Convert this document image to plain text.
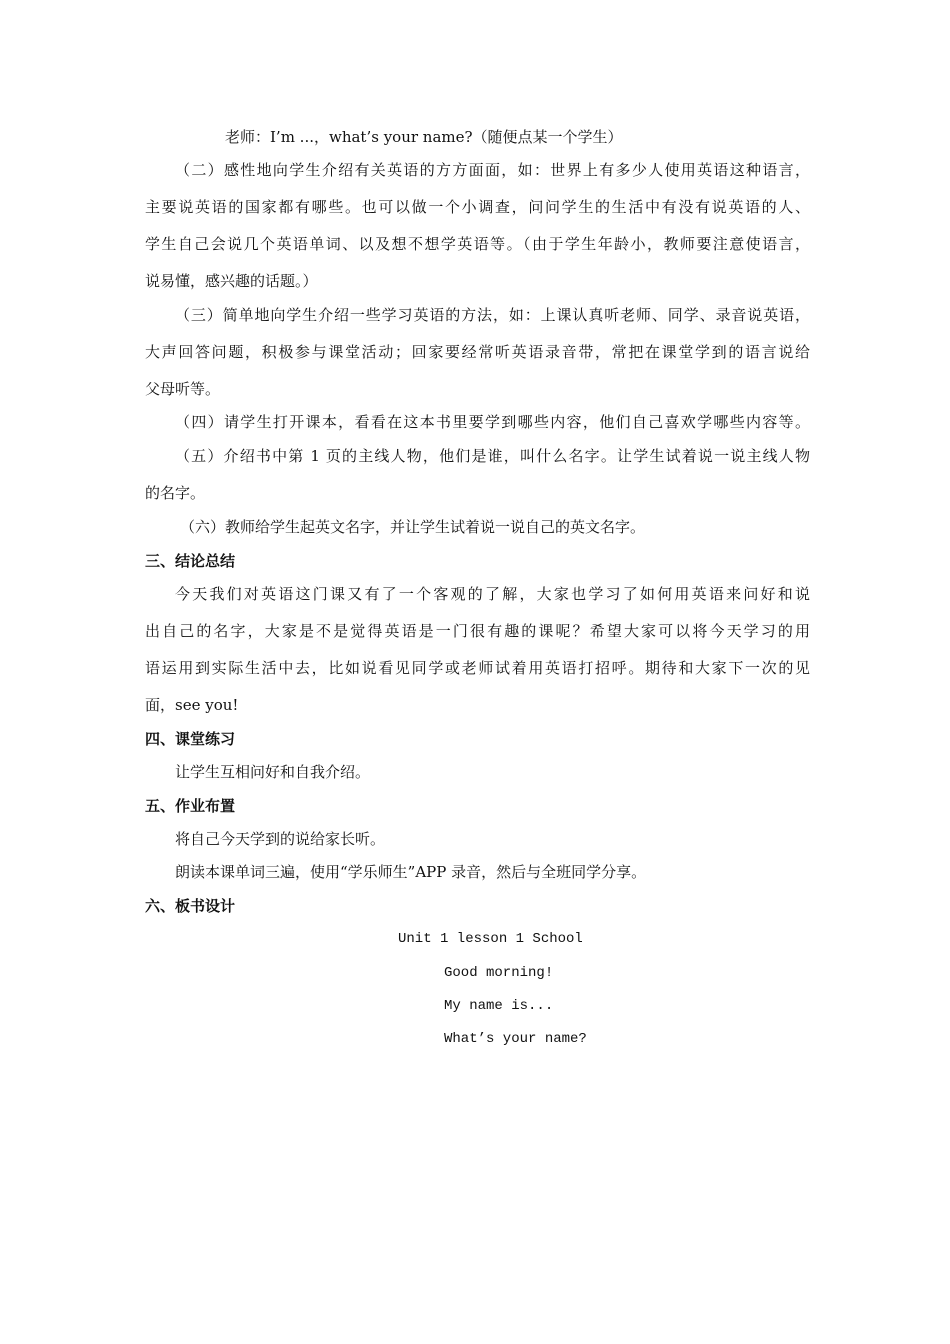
老师：I’m ...，what’s your name?（随便点某一个学生）
（二）感性地向学生介绍有关英语的方方面面，如：世界上有多少人使用英语这种语言，
主要说英语的国家都有哪些。也可以做一个小调查，问问学生的生活中有没有说英语的人、
学生自己会说几个英语单词、以及想不想学英语等。（由于学生年龄小，教师要注意使语言，
说易懂，感兴趣的话题。）
（三）简单地向学生介绍一些学习英语的方法，如：上课认真听老师、同学、录音说英语，
大声回答问题，积极参与课堂活动；回家要经常听英语录音带，常把在课堂学到的语言说给
父母听等。
（四）请学生打开课本，看看在这本书里要学到哪些内容，他们自己喜欢学哪些内容等。
（五）介绍书中第 1 页的主线人物，他们是谁，叫什么名字。让学生试着说一说主线人物
的名字。
（六）教师给学生起英文名字，并让学生试着说一说自己的英文名字。
三、结论总结
今天我们对英语这门课又有了一个客观的了解，大家也学习了如何用英语来问好和说
出自己的名字，大家是不是觉得英语是一门很有趣的课呢？希望大家可以将今天学习的用
语运用到实际生活中去，比如说看见同学或老师试着用英语打招呼。期待和大家下一次的见
面，see you!
四、课堂练习
让学生互相问好和自我介绍。
五、作业布置
将自己今天学到的说给家长听。
朗读本课单词三遍，使用“学乐师生”APP 录音，然后与全班同学分享。
六、板书设计
Unit 1 lesson 1 School
Good morning!
My name is...
What’s your name?
